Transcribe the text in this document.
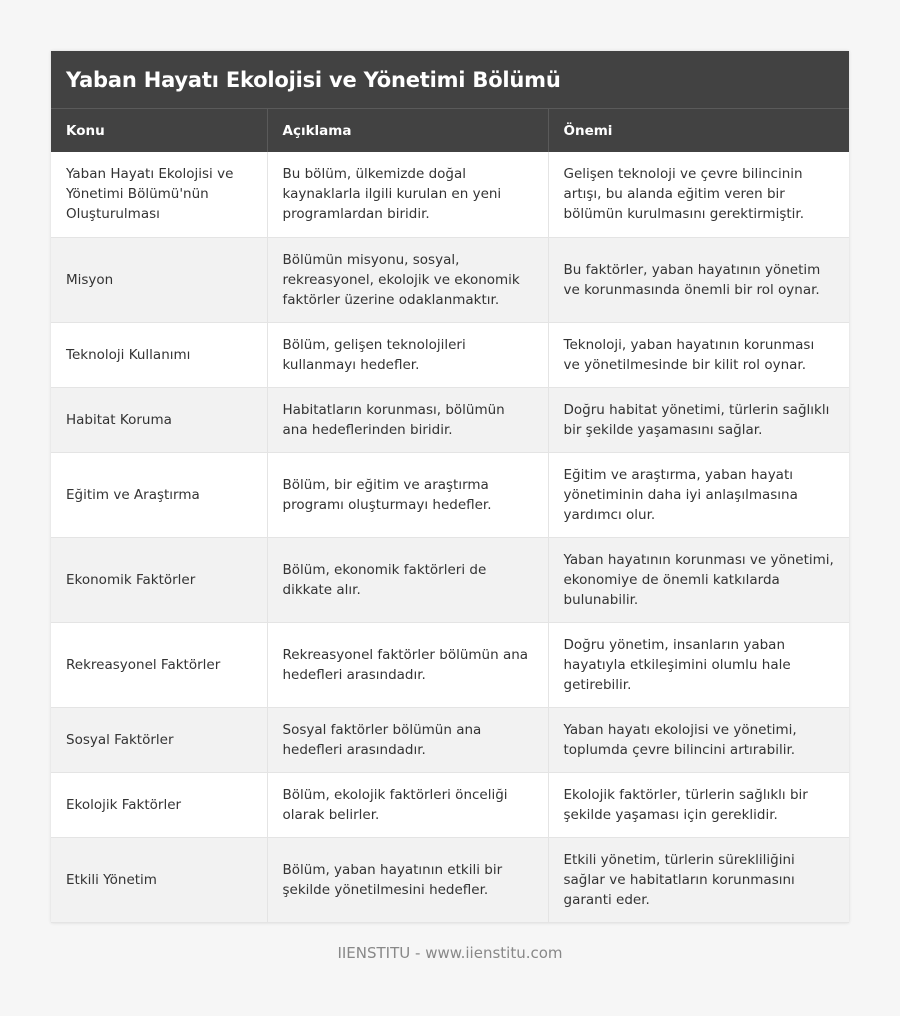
Yaban Hayatı Ekolojisi ve Yönetimi Bölümü
Konu	Açıklama	Önemi
Yaban Hayatı Ekolojisi ve Yönetimi Bölümü'nün Oluşturulması	Bu bölüm, ülkemizde doğal kaynaklarla ilgili kurulan en yeni programlardan biridir.	Gelişen teknoloji ve çevre bilincinin artışı, bu alanda eğitim veren bir bölümün kurulmasını gerektirmiştir.
Misyon	Bölümün misyonu, sosyal, rekreasyonel, ekolojik ve ekonomik faktörler üzerine odaklanmaktır.	Bu faktörler, yaban hayatının yönetim ve korunmasında önemli bir rol oynar.
Teknoloji Kullanımı	Bölüm, gelişen teknolojileri kullanmayı hedefler.	Teknoloji, yaban hayatının korunması ve yönetilmesinde bir kilit rol oynar.
Habitat Koruma	Habitatların korunması, bölümün ana hedeflerinden biridir.	Doğru habitat yönetimi, türlerin sağlıklı bir şekilde yaşamasını sağlar.
Eğitim ve Araştırma	Bölüm, bir eğitim ve araştırma programı oluşturmayı hedefler.	Eğitim ve araştırma, yaban hayatı yönetiminin daha iyi anlaşılmasına yardımcı olur.
Ekonomik Faktörler	Bölüm, ekonomik faktörleri de dikkate alır.	Yaban hayatının korunması ve yönetimi, ekonomiye de önemli katkılarda bulunabilir.
Rekreasyonel Faktörler	Rekreasyonel faktörler bölümün ana hedefleri arasındadır.	Doğru yönetim, insanların yaban hayatıyla etkileşimini olumlu hale getirebilir.
Sosyal Faktörler	Sosyal faktörler bölümün ana hedefleri arasındadır.	Yaban hayatı ekolojisi ve yönetimi, toplumda çevre bilincini artırabilir.
Ekolojik Faktörler	Bölüm, ekolojik faktörleri önceliği olarak belirler.	Ekolojik faktörler, türlerin sağlıklı bir şekilde yaşaması için gereklidir.
Etkili Yönetim	Bölüm, yaban hayatının etkili bir şekilde yönetilmesini hedefler.	Etkili yönetim, türlerin sürekliliğini sağlar ve habitatların korunmasını garanti eder.
IIENSTITU - www.iienstitu.com
